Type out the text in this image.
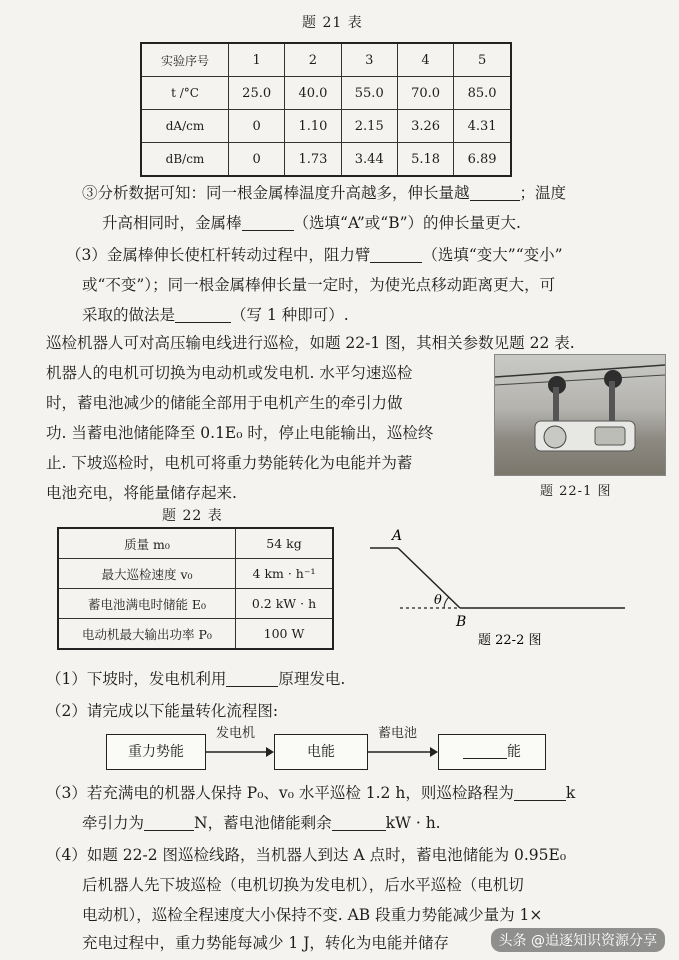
题 21 表
实验序号	1	2	3	4	5
t /°C	25.0	40.0	55.0	70.0	85.0
dA/cm	0	1.10	2.15	3.26	4.31
dB/cm	0	1.73	3.44	5.18	6.89
③分析数据可知：同一根金属棒温度升高越多，伸长量越	；温度
升高相同时，金属棒	（选填“A”或“B”）的伸长量更大.
（3）金属棒伸长使杠杆转动过程中，阻力臂	（选填“变大”“变小”
或“不变”）；同一根金属棒伸长量一定时，为使光点移动距离更大，可
采取的做法是	（写 1 种即可）.
巡检机器人可对高压输电线进行巡检，如题 22-1 图，其相关参数见题 22 表.
机器人的电机可切换为电动机或发电机. 水平匀速巡检
时，蓄电池减少的储能全部用于电机产生的牵引力做
功. 当蓄电池储能降至 0.1E₀ 时，停止电能输出，巡检终
止. 下坡巡检时，电机可将重力势能转化为电能并为蓄
电池充电，将能量储存起来.	题 22-1 图
题 22 表
质量 m₀	54 kg
最大巡检速度 v₀	4 km · h⁻¹
蓄电池满电时储能 E₀	0.2 kW · h
电动机最大输出功率 P₀	100 W
A
θ
B
题 22-2 图
（1）下坡时，发电机利用	原理发电.
（2）请完成以下能量转化流程图:
重力势能
发电机
电能
蓄电池
能
（3）若充满电的机器人保持 P₀、v₀ 水平巡检 1.2 h，则巡检路程为	k
牵引力为	N，蓄电池储能剩余	kW · h.
（4）如题 22-2 图巡检线路，当机器人到达 A 点时，蓄电池储能为 0.95E₀
后机器人先下坡巡检（电机切换为发电机），后水平巡检（电机切
电动机），巡检全程速度大小保持不变. AB 段重力势能减少量为 1×
充电过程中，重力势能每减少 1 J，转化为电能并储存	头条 @追逐知识资源分享
